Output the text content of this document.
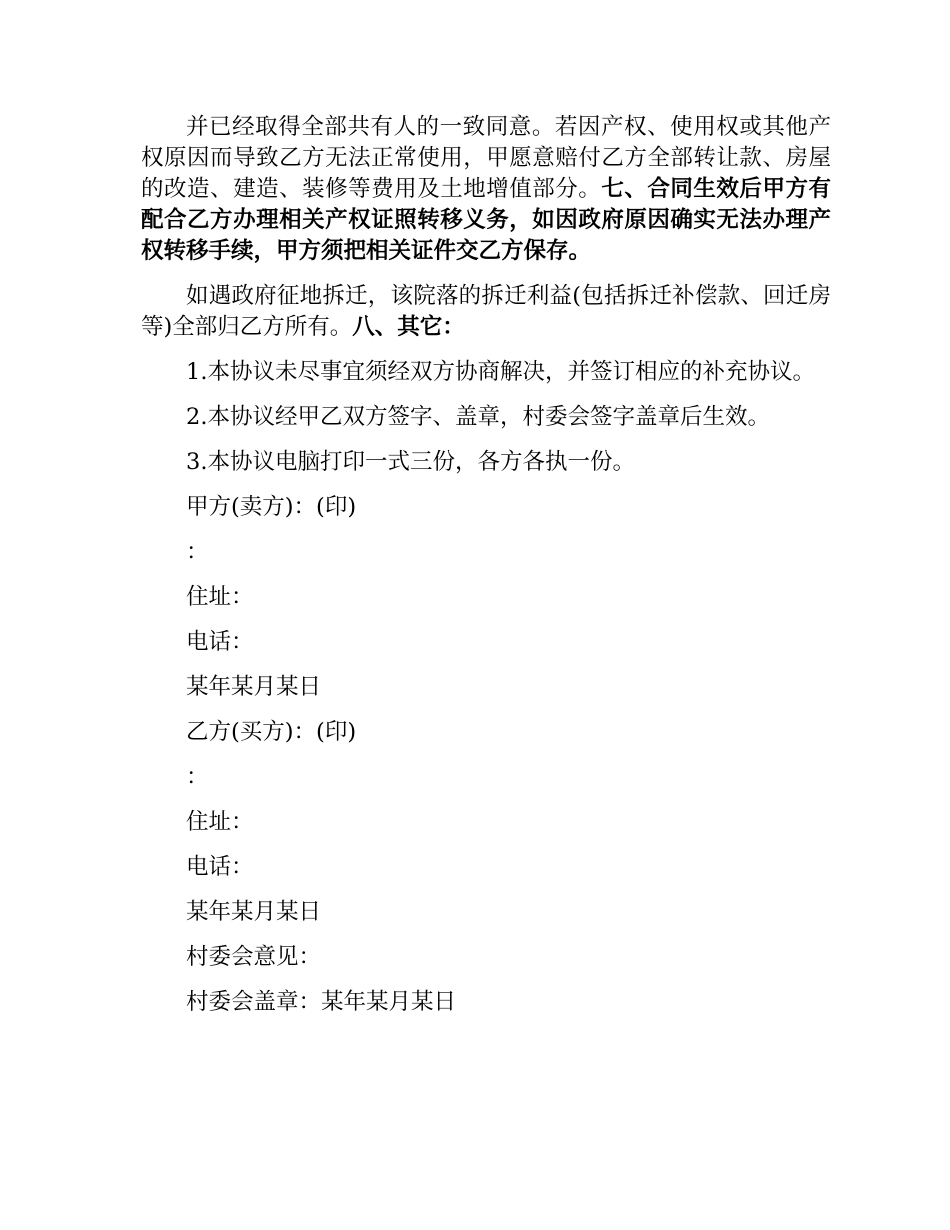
并已经取得全部共有人的一致同意。若因产权、使用权或其他产权原因而导致乙方无法正常使用，甲愿意赔付乙方全部转让款、房屋的改造、建造、装修等费用及土地增值部分。七、合同生效后甲方有配合乙方办理相关产权证照转移义务，如因政府原因确实无法办理产权转移手续，甲方须把相关证件交乙方保存。

如遇政府征地拆迁，该院落的拆迁利益(包括拆迁补偿款、回迁房等)全部归乙方所有。八、其它：

1.本协议未尽事宜须经双方协商解决，并签订相应的补充协议。

2.本协议经甲乙双方签字、盖章，村委会签字盖章后生效。

3.本协议电脑打印一式三份，各方各执一份。

甲方(卖方)：(印)
：
住址：
电话：
某年某月某日
乙方(买方)：(印)
：
住址：
电话：
某年某月某日
村委会意见：
村委会盖章：某年某月某日
